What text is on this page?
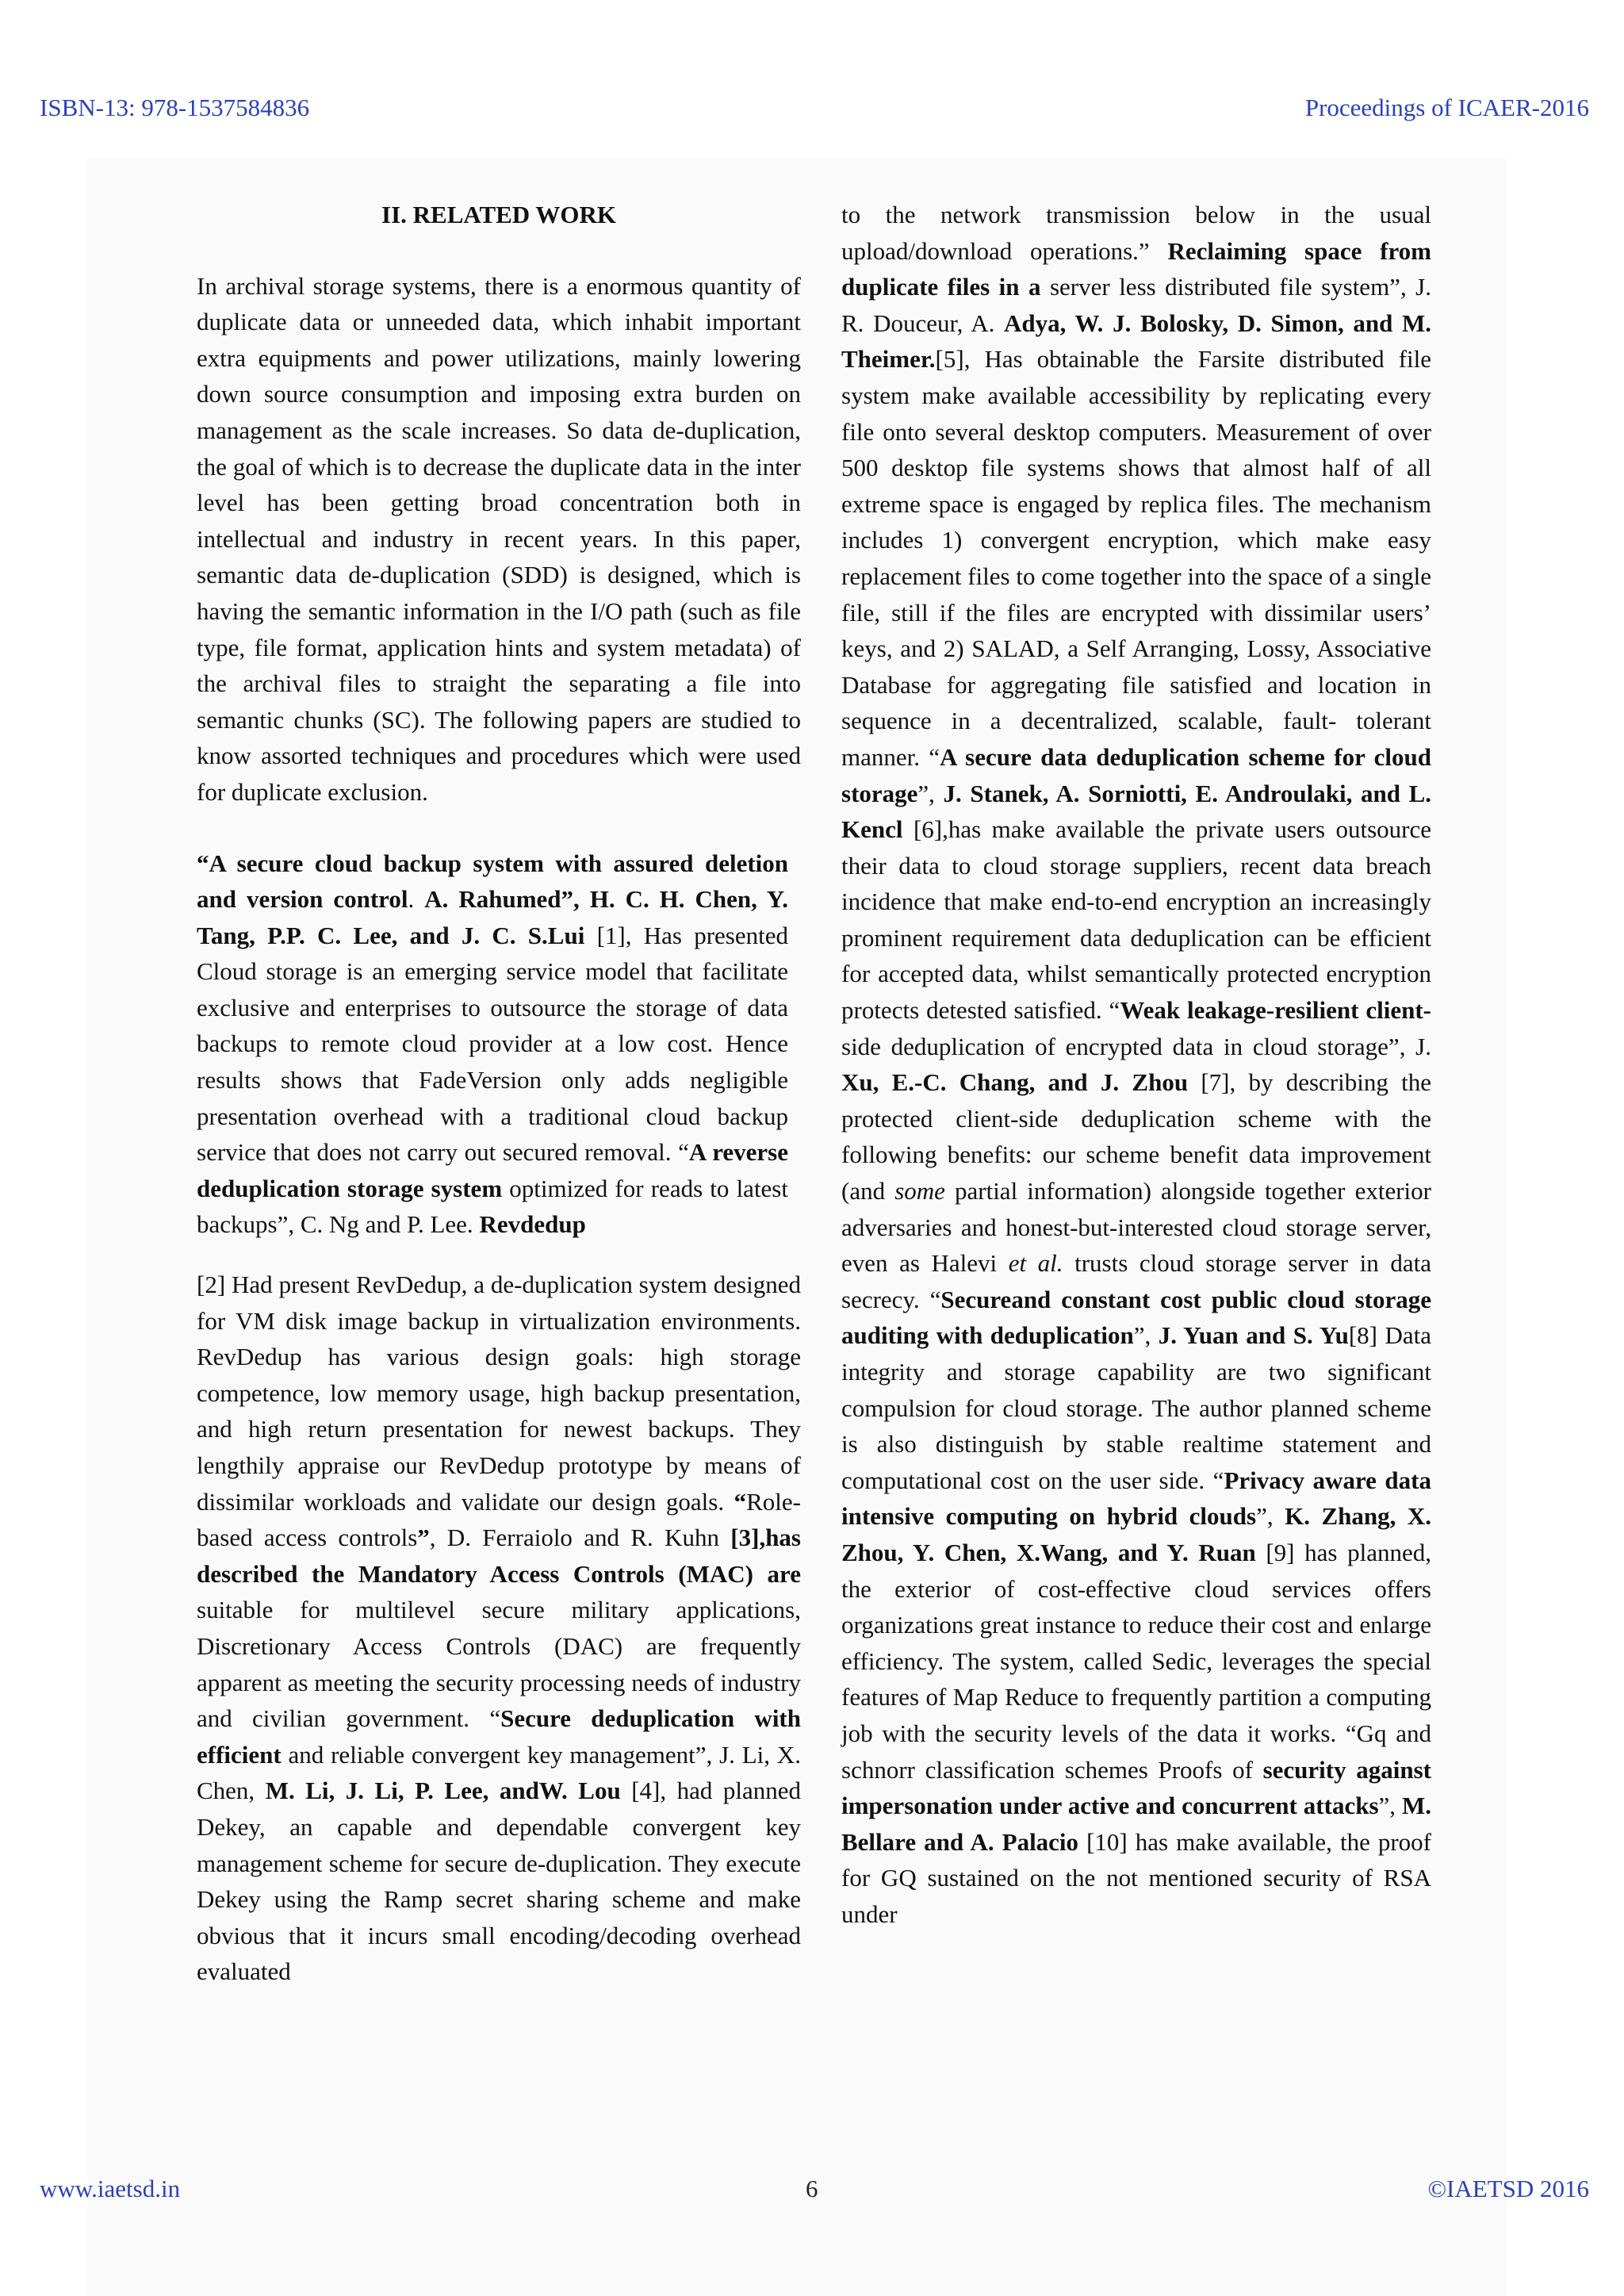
ISBN-13: 978-1537584836	Proceedings of ICAER-2016
II. RELATED WORK

In archival storage systems, there is a enormous quantity of duplicate data or unneeded data, which inhabit important extra equipments and power utilizations, mainly lowering down source consumption and imposing extra burden on management as the scale increases. So data de-duplication, the goal of which is to decrease the duplicate data in the inter level has been getting broad concentration both in intellectual and industry in recent years. In this paper, semantic data de-duplication (SDD) is designed, which is having the semantic information in the I/O path (such as file type, file format, application hints and system metadata) of the archival files to straight the separating a file into semantic chunks (SC). The following papers are studied to know assorted techniques and procedures which were used for duplicate exclusion.

“A secure cloud backup system with assured deletion and version control. A. Rahumed”, H. C. H. Chen, Y. Tang, P.P. C. Lee, and J. C. S.Lui [1], Has presented Cloud storage is an emerging service model that facilitate exclusive and enterprises to outsource the storage of data backups to remote cloud provider at a low cost. Hence results shows that FadeVersion only adds negligible presentation overhead with a traditional cloud backup service that does not carry out secured removal. “A reverse deduplication storage system optimized for reads to latest backups”, C. Ng and P. Lee. Revdedup

[2] Had present RevDedup, a de-duplication system designed for VM disk image backup in virtualization environments. RevDedup has various design goals: high storage competence, low memory usage, high backup presentation, and high return presentation for newest backups. They lengthily appraise our RevDedup prototype by means of dissimilar workloads and validate our design goals. “Role-based access controls”, D. Ferraiolo and R. Kuhn [3],has described the Mandatory Access Controls (MAC) are suitable for multilevel secure military applications, Discretionary Access Controls (DAC) are frequently apparent as meeting the security processing needs of industry and civilian government. “Secure deduplication with efficient and reliable convergent key management”, J. Li, X. Chen, M. Li, J. Li, P. Lee, andW. Lou [4], had planned Dekey, an capable and dependable convergent key management scheme for secure de-duplication. They execute Dekey using the Ramp secret sharing scheme and make obvious that it incurs small encoding/decoding overhead evaluated

to the network transmission below in the usual upload/download operations.” Reclaiming space from duplicate files in a server less distributed file system”, J. R. Douceur, A. Adya, W. J. Bolosky, D. Simon, and M. Theimer.[5], Has obtainable the Farsite distributed file system make available accessibility by replicating every file onto several desktop computers. Measurement of over 500 desktop file systems shows that almost half of all extreme space is engaged by replica files. The mechanism includes 1) convergent encryption, which make easy replacement files to come together into the space of a single file, still if the files are encrypted with dissimilar users’ keys, and 2) SALAD, a Self Arranging, Lossy, Associative Database for aggregating file satisfied and location in sequence in a decentralized, scalable, fault- tolerant manner. “A secure data deduplication scheme for cloud storage”, J. Stanek, A. Sorniotti, E. Androulaki, and L. Kencl [6],has make available the private users outsource their data to cloud storage suppliers, recent data breach incidence that make end-to-end encryption an increasingly prominent requirement data deduplication can be efficient for accepted data, whilst semantically protected encryption protects detested satisfied. “Weak leakage-resilient client- side deduplication of encrypted data in cloud storage”, J. Xu, E.-C. Chang, and J. Zhou [7], by describing the protected client-side deduplication scheme with the following benefits: our scheme benefit data improvement (and some partial information) alongside together exterior adversaries and honest-but-interested cloud storage server, even as Halevi et al. trusts cloud storage server in data secrecy. “Secureand constant cost public cloud storage auditing with deduplication”, J. Yuan and S. Yu[8] Data integrity and storage capability are two significant compulsion for cloud storage. The author planned scheme is also distinguish by stable realtime statement and computational cost on the user side. “Privacy aware data intensive computing on hybrid clouds”, K. Zhang, X. Zhou, Y. Chen, X.Wang, and Y. Ruan [9] has planned, the exterior of cost-effective cloud services offers organizations great instance to reduce their cost and enlarge efficiency. The system, called Sedic, leverages the special features of Map Reduce to frequently partition a computing job with the security levels of the data it works. “Gq and schnorr classification schemes Proofs of security against impersonation under active and concurrent attacks”, M. Bellare and A. Palacio [10] has make available, the proof for GQ sustained on the not mentioned security of RSA under

www.iaetsd.in	6	©IAETSD 2016
